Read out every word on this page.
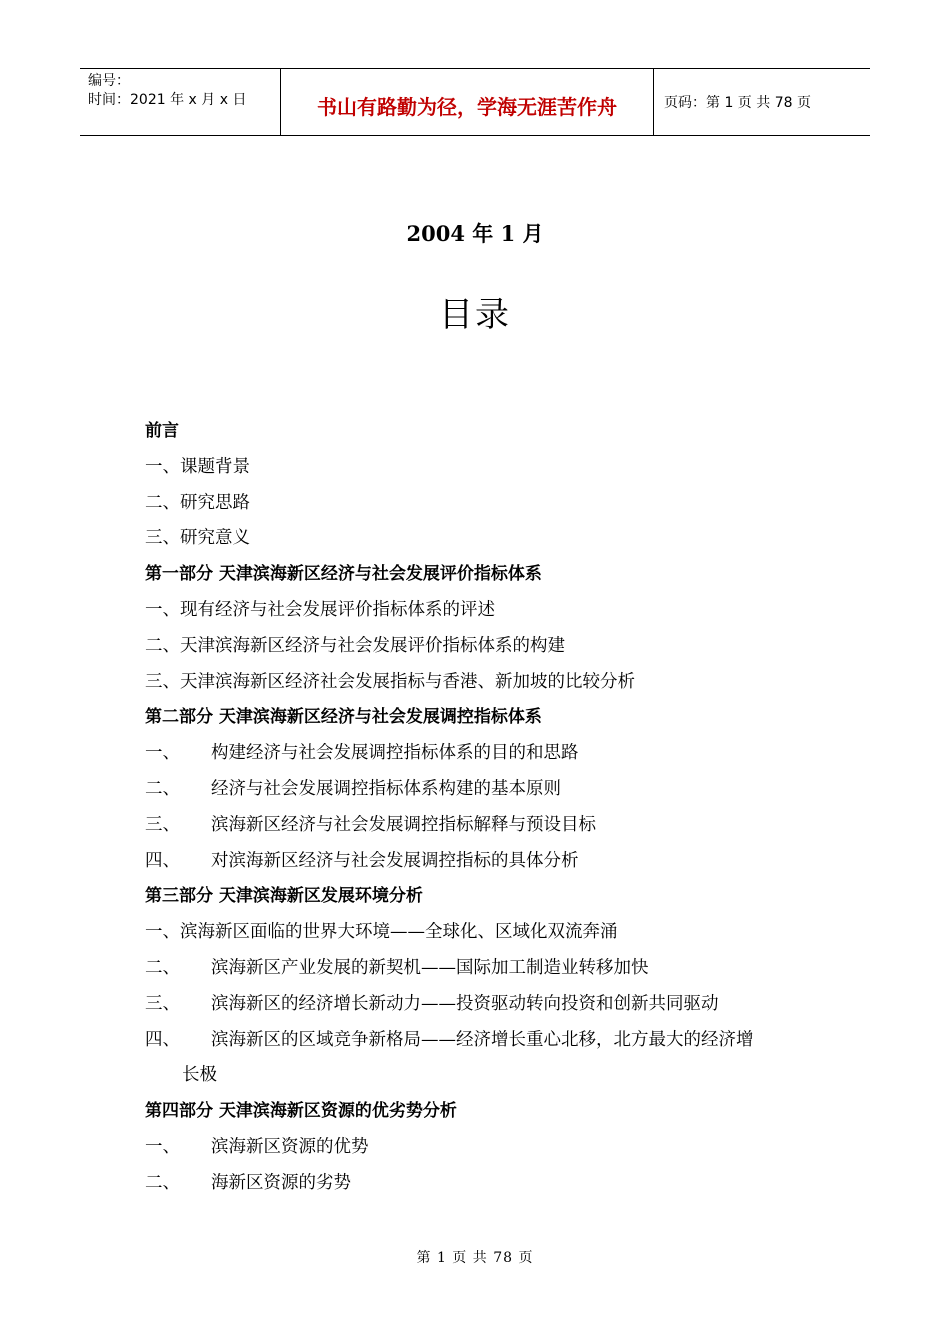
编号：
时间：2021 年 x 月 x 日	书山有路勤为径，学海无涯苦作舟	页码：第 1 页 共 78 页
2004 年 1 月
目录
前言
一、课题背景
二、研究思路
三、研究意义
第一部分 天津滨海新区经济与社会发展评价指标体系
一、现有经济与社会发展评价指标体系的评述
二、天津滨海新区经济与社会发展评价指标体系的构建
三、天津滨海新区经济社会发展指标与香港、新加坡的比较分析
第二部分 天津滨海新区经济与社会发展调控指标体系
一、 构建经济与社会发展调控指标体系的目的和思路
二、 经济与社会发展调控指标体系构建的基本原则
三、 滨海新区经济与社会发展调控指标解释与预设目标
四、 对滨海新区经济与社会发展调控指标的具体分析
第三部分 天津滨海新区发展环境分析
一、滨海新区面临的世界大环境——全球化、区域化双流奔涌
二、 滨海新区产业发展的新契机——国际加工制造业转移加快
三、 滨海新区的经济增长新动力——投资驱动转向投资和创新共同驱动
四、 滨海新区的区域竞争新格局——经济增长重心北移，北方最大的经济增
长极
第四部分 天津滨海新区资源的优劣势分析
一、 滨海新区资源的优势
二、 海新区资源的劣势
第 1 页 共 78 页
